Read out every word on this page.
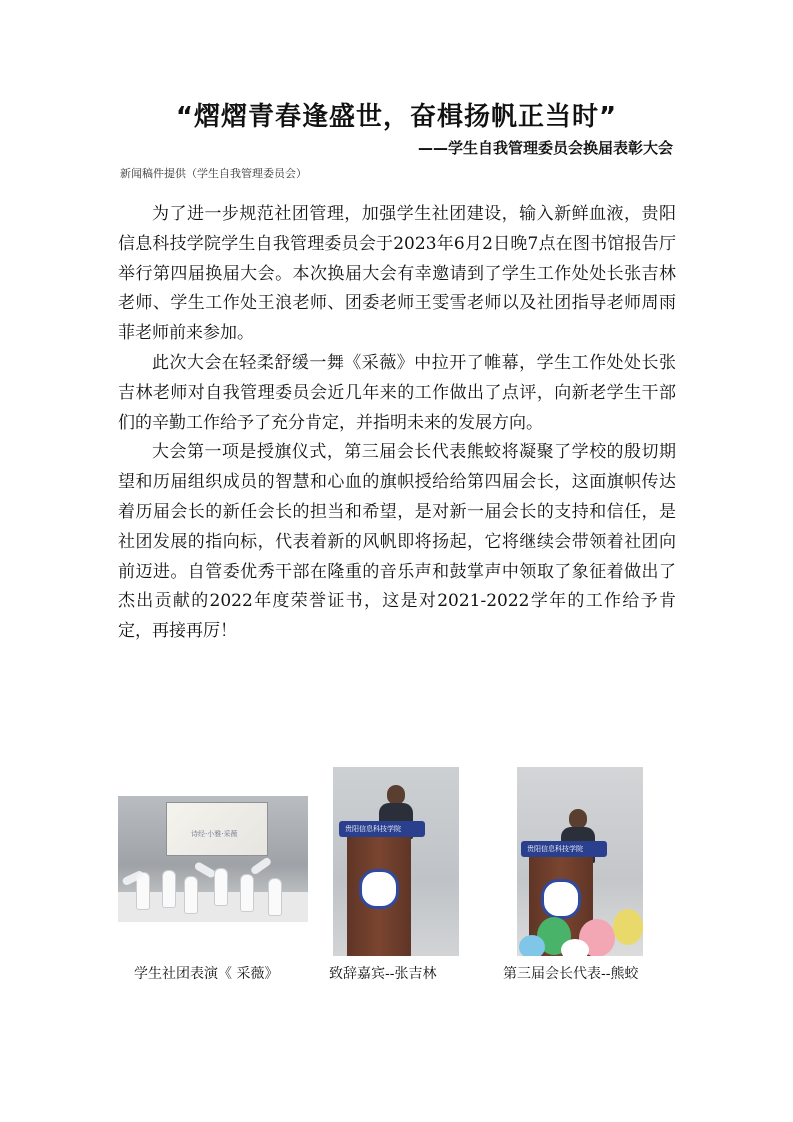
“熠熠青春逢盛世，奋楫扬帆正当时”
——学生自我管理委员会换届表彰大会
新闻稿件提供（学生自我管理委员会）

为了进一步规范社团管理，加强学生社团建设，输入新鲜血液，贵阳信息科技学院学生自我管理委员会于2023年6月2日晚7点在图书馆报告厅举行第四届换届大会。本次换届大会有幸邀请到了学生工作处处长张吉林老师、学生工作处王浪老师、团委老师王雯雪老师以及社团指导老师周雨菲老师前来参加。

此次大会在轻柔舒缓一舞《采薇》中拉开了帷幕，学生工作处处长张吉林老师对自我管理委员会近几年来的工作做出了点评，向新老学生干部们的辛勤工作给予了充分肯定，并指明未来的发展方向。

大会第一项是授旗仪式，第三届会长代表熊蛟将凝聚了学校的殷切期望和历届组织成员的智慧和心血的旗帜授给给第四届会长，这面旗帜传达着历届会长的新任会长的担当和希望，是对新一届会长的支持和信任，是社团发展的指向标，代表着新的风帆即将扬起，它将继续会带领着社团向前迈进。自管委优秀干部在隆重的音乐声和鼓掌声中领取了象征着做出了杰出贡献的2022年度荣誉证书，这是对2021-2022学年的工作给予肯定，再接再厉！

诗经·小雅·采薇
学生社团表演《 采薇》
贵阳信息科技学院
致辞嘉宾--张吉林
贵阳信息科技学院
第三届会长代表--熊蛟
